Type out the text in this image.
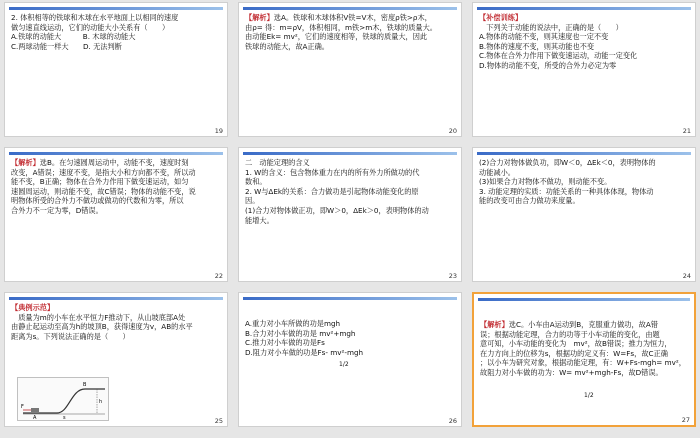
2. 体积相等的铁球和木球在水平地面上以相同的速度

做匀速直线运动，它们的动能大小关系有（　　）

A.铁球的动能大　　　B. 木球的动能大

C.两球动能一样大　　D. 无法判断

19

【解析】选A。铁球和木球体积V铁=V木，密度ρ铁>ρ木，

由ρ= 得：m=ρV，体积相同，m铁>m木，铁球的质量大。

由动能Ek= mv²，它们的速度相等，铁球的质量大，因此

铁球的动能大，故A正确。

20

【补偿训练】

　下列关于动能的说法中，正确的是（　　）

A.物体的动能不变，则其速度也一定不变

B.物体的速度不变，则其动能也不变

C.物体在合外力作用下做变速运动，动能一定变化

D.物体的动能不变，所受的合外力必定为零

21

【解析】选B。在匀速圆周运动中，动能不变，速度时刻

改变，A错误；速度不变，是指大小和方向都不变，所以动

能不变，B正确；物体在合外力作用下做变速运动，如匀

速圆周运动，则动能不变，故C错误；物体的动能不变，说

明物体所受的合外力不做功或做功的代数和为零，所以

合外力不一定为零，D错误。

22

二　动能定理的含义

1. W的含义：包含物体重力在内的所有外力所做功的代

数和。

2. W与ΔEk的关系：合力做功是引起物体动能变化的原

因。

(1)合力对物体做正功，即W＞0，ΔEk＞0，表明物体的动

能增大。

23

(2)合力对物体做负功，即W＜0，ΔEk＜0，表明物体的

动能减小。

(3)如果合力对物体不做功，则动能不变。

3. 动能定理的实质：功能关系的一种具体体现，物体动

能的改变可由合力做功来度量。

24

【典例示范】

　质量为m的小车在水平恒力F推动下，从山坡底部A处

由静止起运动至高为h的坡顶B，获得速度为v，AB的水平

距离为s。下列说法正确的是（　　）

F
A
B
h
s	25

A.重力对小车所做的功是mgh

B.合力对小车做的功是 mv²+mgh

C.推力对小车做的功是Fs

D.阻力对小车做的功是Fs- mv²-mgh

1/2
26

【解析】选C。小车由A运动到B，克服重力做功，故A错

误；根据动能定理，合力的功等于小车动能的变化，由题

意可知，小车动能的变化为　mv²，故B错误；推力为恒力，

在力方向上的位移为s，根据功的定义有：W=Fs，故C正确

；以小车为研究对象，根据动能定理，有：W+Fs-mgh= mv²，

故阻力对小车做的功为：W= mv²+mgh-Fs，故D错误。

1/2
27
